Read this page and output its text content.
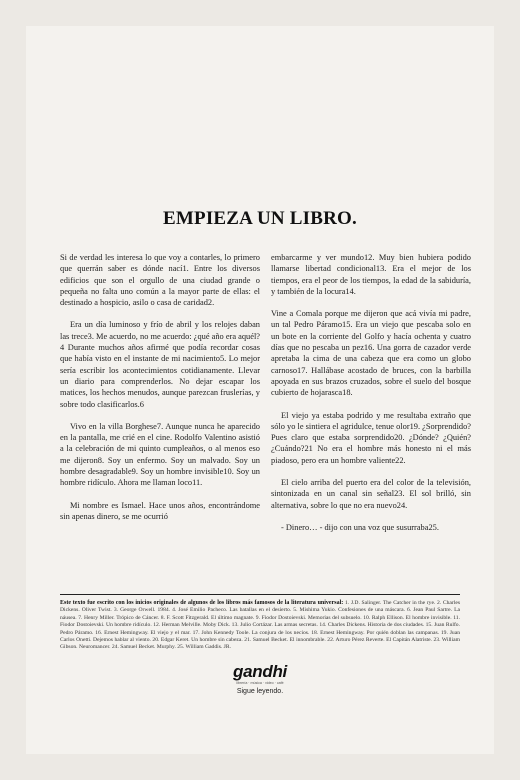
EMPIEZA UN LIBRO.

Si de verdad les interesa lo que voy a contarles, lo primero que querrán saber es dónde nací1. Entre los diversos edificios que son el orgullo de una ciudad grande o pequeña no falta uno común a la mayor parte de ellas: el destinado a hospicio, asilo o casa de caridad2.

Era un día luminoso y frío de abril y los relojes daban las trece3. Me acuerdo, no me acuerdo: ¿qué año era aquél?4 Durante muchos años afirmé que podía recordar cosas que había visto en el instante de mi nacimiento5. Lo mejor sería escribir los acontecimientos cotidianamente. Llevar un diario para comprenderlos. No dejar escapar los matices, los hechos menudos, aunque parezcan fruslerías, y sobre todo clasificarlos.6

Vivo en la villa Borghese7. Aunque nunca he aparecido en la pantalla, me crié en el cine. Rodolfo Valentino asistió a la celebración de mi quinto cumpleaños, o al menos eso me dijeron8. Soy un enfermo. Soy un malvado. Soy un hombre desagradable9. Soy un hombre invisible10. Soy un hombre ridículo. Ahora me llaman loco11.

Mi nombre es Ismael. Hace unos años, encontrándome sin apenas dinero, se me ocurrió

embarcarme y ver mundo12. Muy bien hubiera podido llamarse libertad condicional13. Era el mejor de los tiempos, era el peor de los tiempos, la edad de la sabiduría, y también de la locura14.

Vine a Comala porque me dijeron que acá vivía mi padre, un tal Pedro Páramo15. Era un viejo que pescaba solo en un bote en la corriente del Golfo y hacía ochenta y cuatro días que no pescaba un pez16. Una gorra de cazador verde apretaba la cima de una cabeza que era como un globo carnoso17. Hallábase acostado de bruces, con la barbilla apoyada en sus brazos cruzados, sobre el suelo del bosque cubierto de hojarasca18.

El viejo ya estaba podrido y me resultaba extraño que sólo yo le sintiera el agridulce, tenue olor19. ¿Sorprendido? Pues claro que estaba sorprendido20. ¿Dónde? ¿Quién? ¿Cuándo?21 No era el hombre más honesto ni el más piadoso, pero era un hombre valiente22.

El cielo arriba del puerto era del color de la televisión, sintonizada en un canal sin señal23. El sol brilló, sin alternativa, sobre lo que no era nuevo24.

- Dinero… - dijo con una voz que susurraba25.

Este texto fue escrito con los inicios originales de algunos de los libros más famosos de la literatura universal: 1. J.D. Salinger. The Catcher in the rye. 2. Charles Dickens. Oliver Twist. 3. George Orwell. 1984. 4. José Emilio Pacheco. Las batallas en el desierto. 5. Mishima Yukio. Confesiones de una máscara. 6. Jean Paul Sartre. La náusea. 7. Henry Miller. Trópico de Cáncer. 8. F. Scott Fitzgerald. El último magnate. 9. Fiodor Dostoievski. Memorias del subsuelo. 10. Ralph Ellison. El hombre invisible. 11. Fiodor Dostoievski. Un hombre ridículo. 12. Herman Melville. Moby Dick. 13. Julio Cortázar. Las armas secretas. 14. Charles Dickens. Historia de dos ciudades. 15. Juan Rulfo. Pedro Páramo. 16. Ernest Hemingway. El viejo y el mar. 17. John Kennedy Toole. La conjura de los necios. 18. Ernest Hemingway. Por quién doblan las campanas. 19. Juan Carlos Onetti. Dejemos hablar al viento. 20. Edgar Keret. Un hombre sin cabeza. 21. Samuel Becket. El innombrable. 22. Arturo Pérez Reverte. El Capitán Alatriste. 23. William Gibson. Neuromancer. 24. Samuel Becket. Murphy. 25. William Gaddis. JR.
gandhi
librería · música · video · café
Sigue leyendo.
